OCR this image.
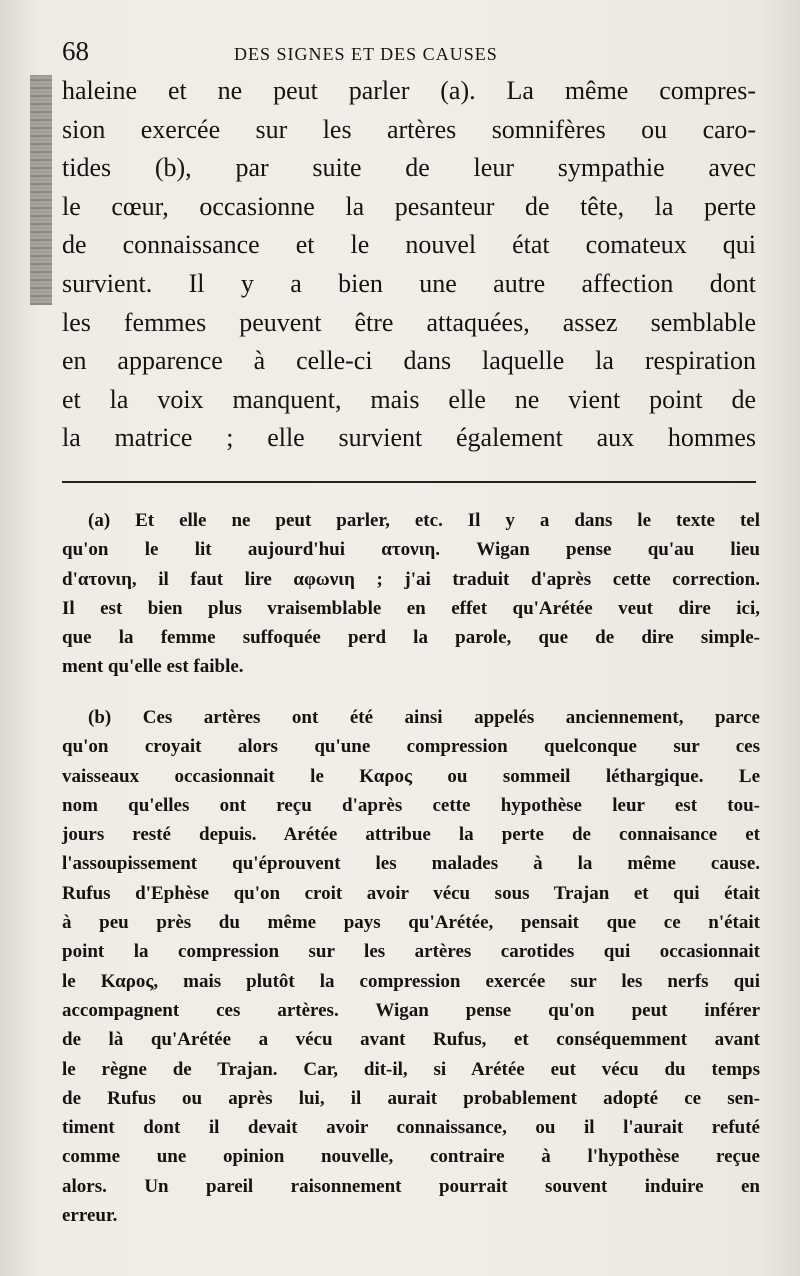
68	DES SIGNES ET DES CAUSES
haleine et ne peut parler (a). La même compres-
sion exercée sur les artères somnifères ou caro-
tides (b), par suite de leur sympathie avec
le cœur, occasionne la pesanteur de tête, la perte
de connaissance et le nouvel état comateux qui
survient. Il y a bien une autre affection dont
les femmes peuvent être attaquées, assez semblable
en apparence à celle-ci dans laquelle la respiration
et la voix manquent, mais elle ne vient point de
la matrice ; elle survient également aux hommes
(a) Et elle ne peut parler, etc. Il y a dans le texte tel
qu'on le lit aujourd'hui ατονιη. Wigan pense qu'au lieu
d'ατονιη, il faut lire αφωνιη ; j'ai traduit d'après cette correction.
Il est bien plus vraisemblable en effet qu'Arétée veut dire ici,
que la femme suffoquée perd la parole, que de dire simple-
ment qu'elle est faible.
(b) Ces artères ont été ainsi appelés anciennement, parce
qu'on croyait alors qu'une compression quelconque sur ces
vaisseaux occasionnait le Καρος ou sommeil léthargique. Le
nom qu'elles ont reçu d'après cette hypothèse leur est tou-
jours resté depuis. Arétée attribue la perte de connaisance et
l'assoupissement qu'éprouvent les malades à la même cause.
Rufus d'Ephèse qu'on croit avoir vécu sous Trajan et qui était
à peu près du même pays qu'Arétée, pensait que ce n'était
point la compression sur les artères carotides qui occasionnait
le Καρος, mais plutôt la compression exercée sur les nerfs qui
accompagnent ces artères. Wigan pense qu'on peut inférer
de là qu'Arétée a vécu avant Rufus, et conséquemment avant
le règne de Trajan. Car, dit-il, si Arétée eut vécu du temps
de Rufus ou après lui, il aurait probablement adopté ce sen-
timent dont il devait avoir connaissance, ou il l'aurait refuté
comme une opinion nouvelle, contraire à l'hypothèse reçue
alors. Un pareil raisonnement pourrait souvent induire en
erreur.
